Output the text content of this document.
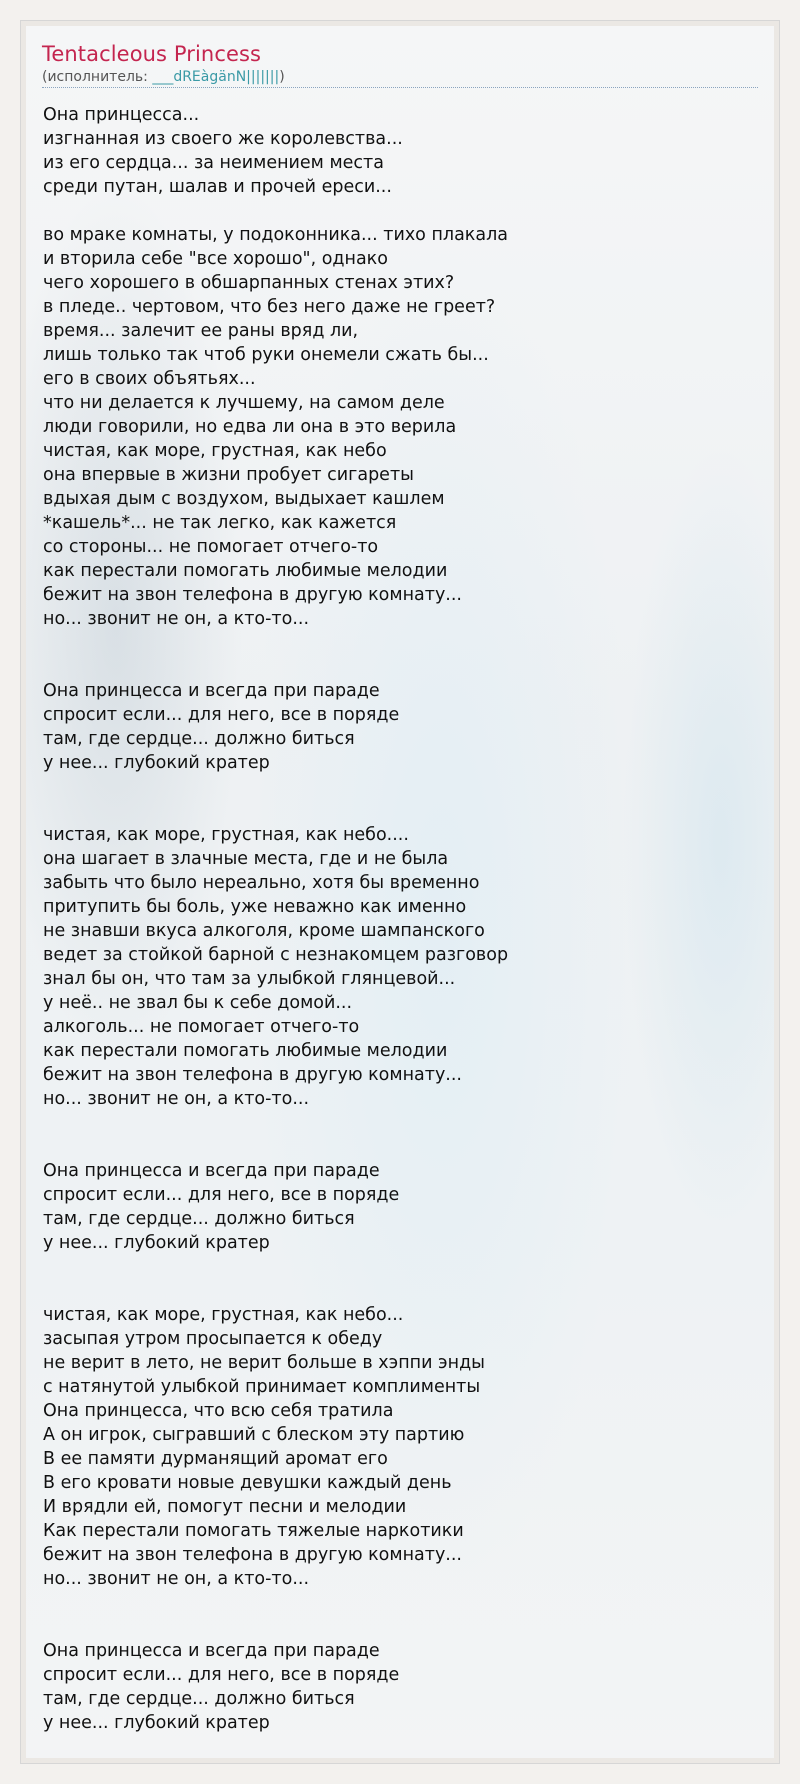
Tentacleous Princess
(исполнитель: ___dREàgänN|||||||)
Она принцесса...
изгнанная из своего же королевства...
из его сердца... за неимением места
среди путан, шалав и прочей ереси...
во мраке комнаты, у подоконника... тихо плакала
и вторила себе "все хорошо", однако
чего хорошего в обшарпанных стенах этих?
в пледе.. чертовом, что без него даже не греет?
время... залечит ее раны вряд ли,
лишь только так чтоб руки онемели сжать бы...
его в своих объятьях...
что ни делается к лучшему, на самом деле
люди говорили, но едва ли она в это верила
чистая, как море, грустная, как небо
она впервые в жизни пробует сигареты
вдыхая дым с воздухом, выдыхает кашлем
*кашель*... не так легко, как кажется
со стороны... не помогает отчего-то
как перестали помогать любимые мелодии
бежит на звон телефона в другую комнату...
но... звонит не он, а кто-то...
Она принцесса и всегда при параде
спросит если... для него, все в поряде
там, где сердце... должно биться
у нее... глубокий кратер
чистая, как море, грустная, как небо....
она шагает в злачные места, где и не была
забыть что было нереально, хотя бы временно
притупить бы боль, уже неважно как именно
не знавши вкуса алкоголя, кроме шампанского
ведет за стойкой барной с незнакомцем разговор
знал бы он, что там за улыбкой глянцевой...
у неё.. не звал бы к себе домой...
алкоголь... не помогает отчего-то
как перестали помогать любимые мелодии
бежит на звон телефона в другую комнату...
но... звонит не он, а кто-то...
Она принцесса и всегда при параде
спросит если... для него, все в поряде
там, где сердце... должно биться
у нее... глубокий кратер
чистая, как море, грустная, как небо...
засыпая утром просыпается к обеду
не верит в лето, не верит больше в хэппи энды
с натянутой улыбкой принимает комплименты
Она принцесса, что всю себя тратила
А он игрок, сыгравший с блеском эту партию
В ее памяти дурманящий аромат его
В его кровати новые девушки каждый день
И врядли ей, помогут песни и мелодии
Как перестали помогать тяжелые наркотики
бежит на звон телефона в другую комнату...
но... звонит не он, а кто-то...
Она принцесса и всегда при параде
спросит если... для него, все в поряде
там, где сердце... должно биться
у нее... глубокий кратер
